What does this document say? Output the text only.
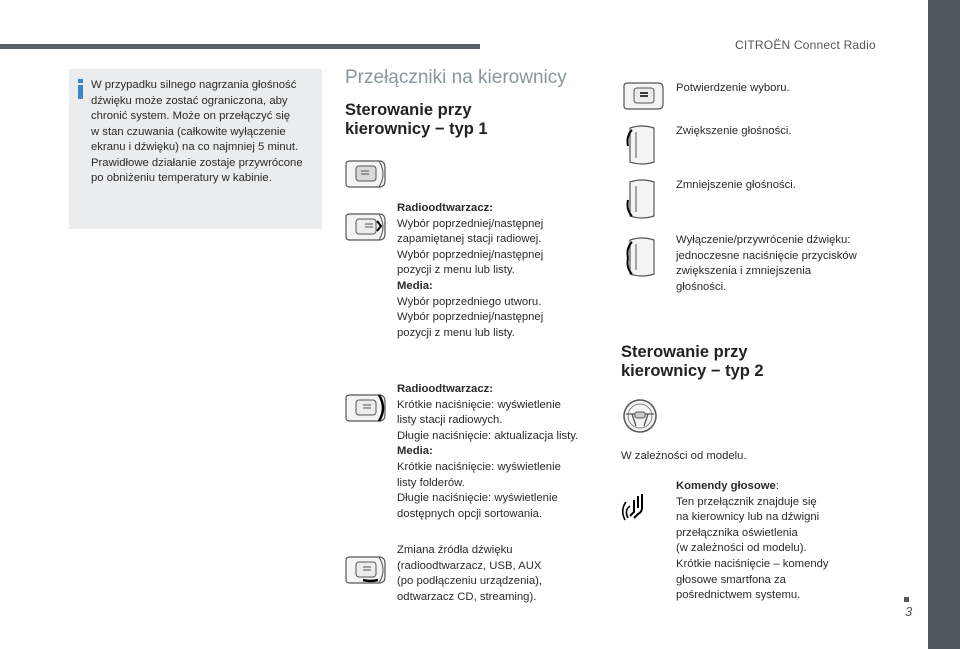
CITROËN Connect Radio
3
W przypadku silnego nagrzania głośność
dźwięku może zostać ograniczona, aby
chronić system. Może on przełączyć się
w stan czuwania (całkowite wyłączenie
ekranu i dźwięku) na co najmniej 5 minut.
Prawidłowe działanie zostaje przywrócone
po obniżeniu temperatury w kabinie.
Przełączniki na kierownicy
Sterowanie przy
kierownicy − typ 1
Radioodtwarzacz:
Wybór poprzedniej/następnej
zapamiętanej stacji radiowej.
Wybór poprzedniej/następnej
pozycji z menu lub listy.
Media:
Wybór poprzedniego utworu.
Wybór poprzedniej/następnej
pozycji z menu lub listy.
Radioodtwarzacz:
Krótkie naciśnięcie: wyświetlenie
listy stacji radiowych.
Długie naciśnięcie: aktualizacja listy.
Media:
Krótkie naciśnięcie: wyświetlenie
listy folderów.
Długie naciśnięcie: wyświetlenie
dostępnych opcji sortowania.
Zmiana źródła dźwięku
(radioodtwarzacz, USB, AUX
(po podłączeniu urządzenia),
odtwarzacz CD, streaming).
Potwierdzenie wyboru.
Zwiększenie głośności.
Zmniejszenie głośności.
Wyłączenie/przywrócenie dźwięku:
jednoczesne naciśnięcie przycisków
zwiększenia i zmniejszenia
głośności.
Sterowanie przy
kierownicy − typ 2
W zależności od modelu.
Komendy głosowe:
Ten przełącznik znajduje się
na kierownicy lub na dźwigni
przełącznika oświetlenia
(w zależności od modelu).
Krótkie naciśnięcie – komendy
głosowe smartfona za
pośrednictwem systemu.
